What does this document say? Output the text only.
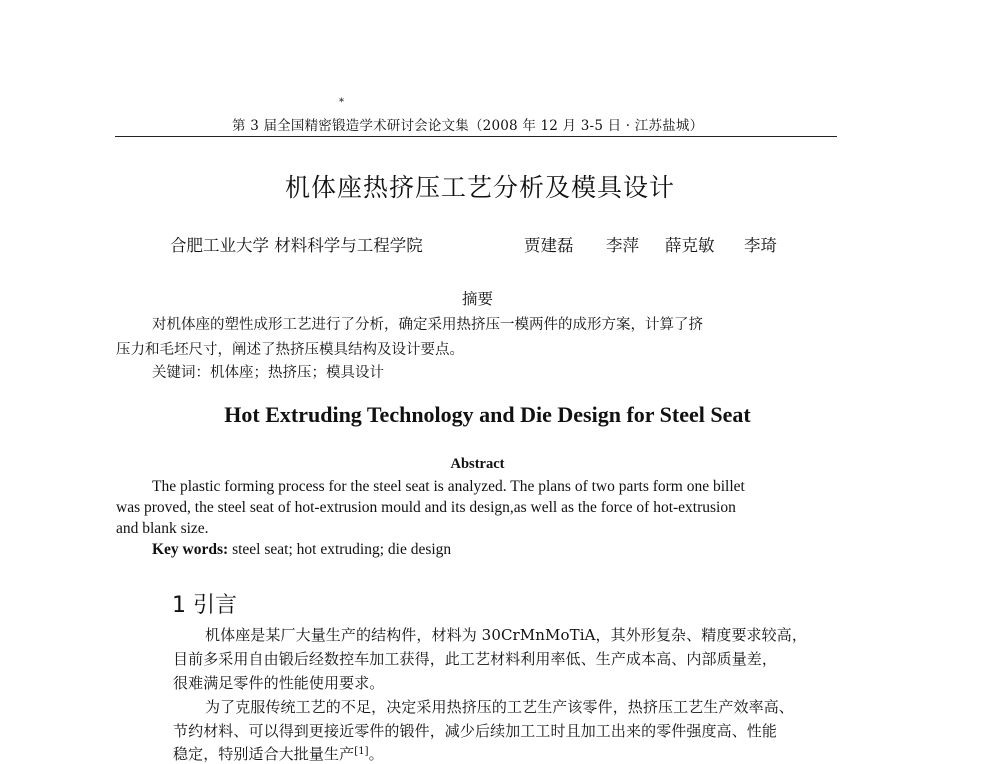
*
第 3 届全国精密锻造学术研讨会论文集（2008 年 12 月 3-5 日 · 江苏盐城）
机体座热挤压工艺分析及模具设计
合肥工业大学 材料科学与工程学院	贾建磊 李萍 薛克敏 李琦
摘要
对机体座的塑性成形工艺进行了分析，确定采用热挤压一模两件的成形方案，计算了挤
压力和毛坯尺寸，阐述了热挤压模具结构及设计要点。
关键词：机体座；热挤压；模具设计
Hot Extruding Technology and Die Design for Steel Seat
Abstract
The plastic forming process for the steel seat is analyzed. The plans of two parts form one billet
was proved, the steel seat of hot-extrusion mould and its design,as well as the force of hot-extrusion
and blank size.
Key words: steel seat; hot extruding; die design
1 引言
机体座是某厂大量生产的结构件，材料为 30CrMnMoTiA，其外形复杂、精度要求较高，
目前多采用自由锻后经数控车加工获得，此工艺材料利用率低、生产成本高、内部质量差，
很难满足零件的性能使用要求。
为了克服传统工艺的不足，决定采用热挤压的工艺生产该零件，热挤压工艺生产效率高、
节约材料、可以得到更接近零件的锻件，减少后续加工工时且加工出来的零件强度高、性能
稳定，特别适合大批量生产[1]。
